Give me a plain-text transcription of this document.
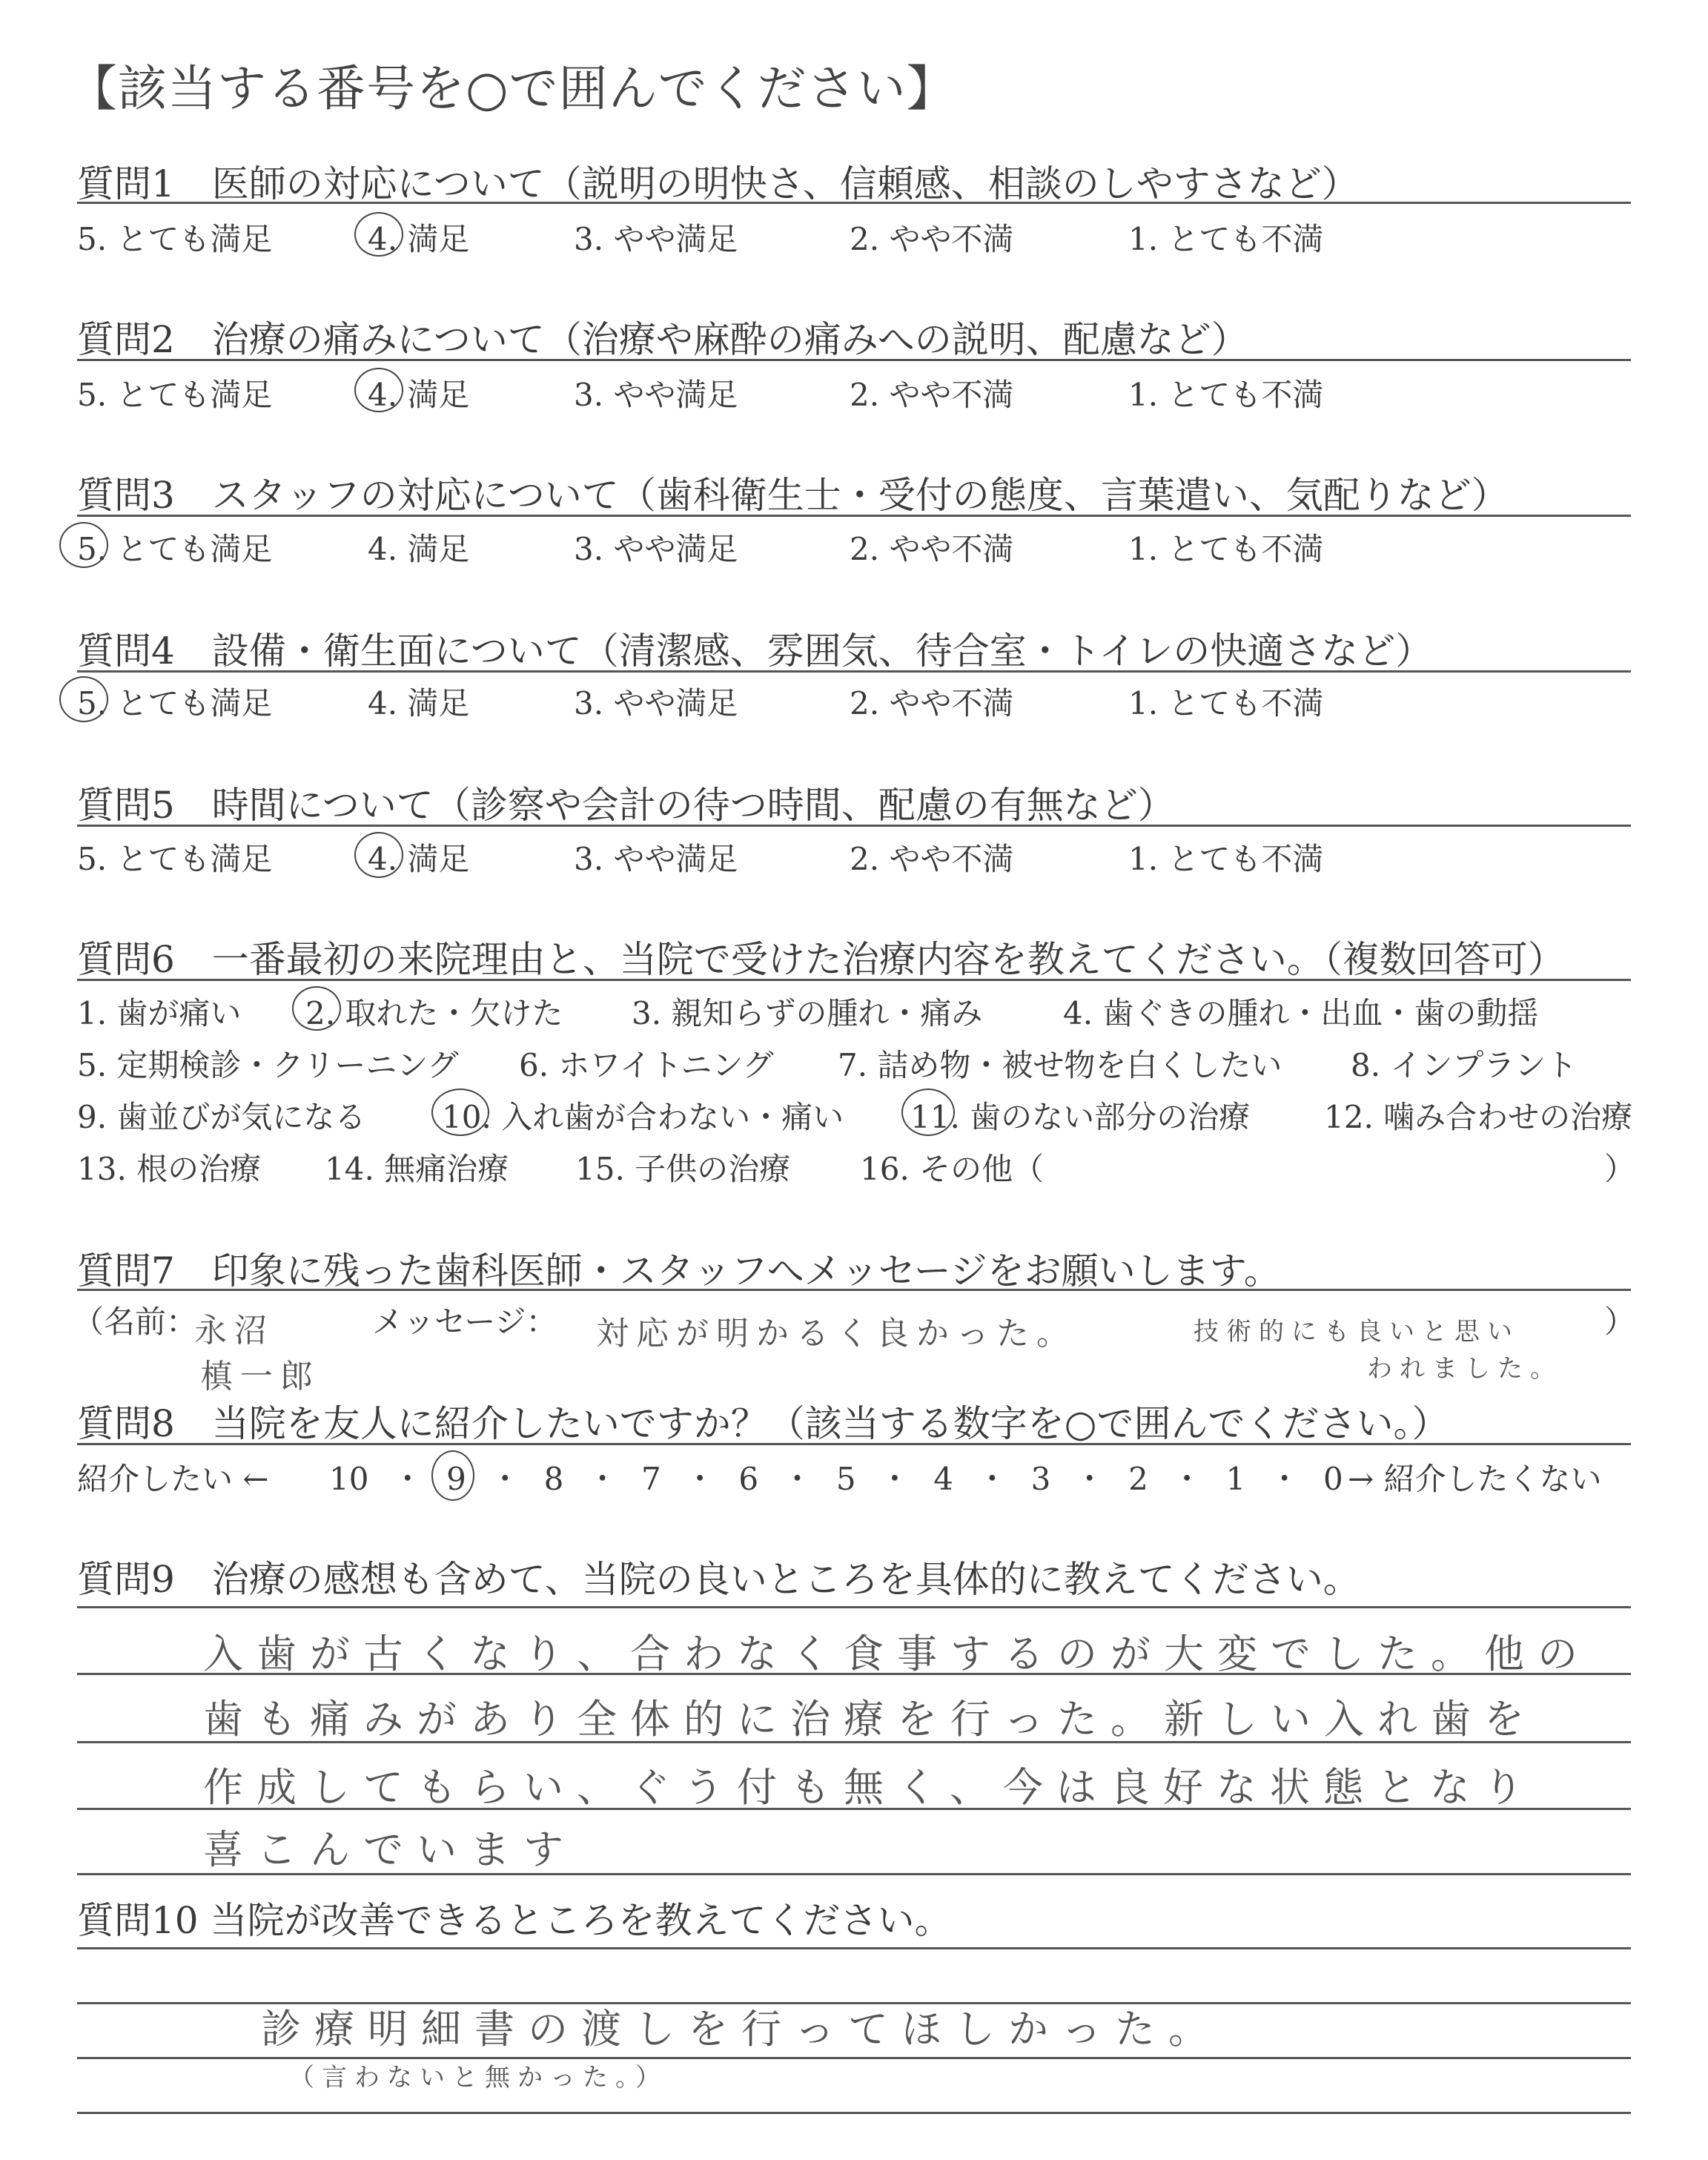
【該当する番号を○で囲んでください】
質問1　医師の対応について（説明の明快さ、信頼感、相談のしやすさなど）
5. とても満足	4. 満足	3. やや満足	2. やや不満	1. とても不満
質問2　治療の痛みについて（治療や麻酔の痛みへの説明、配慮など）
5. とても満足	4. 満足	3. やや満足	2. やや不満	1. とても不満
質問3　スタッフの対応について（歯科衛生士・受付の態度、言葉遣い、気配りなど）
5. とても満足	4. 満足	3. やや満足	2. やや不満	1. とても不満
質問4　設備・衛生面について（清潔感、雰囲気、待合室・トイレの快適さなど）
5. とても満足	4. 満足	3. やや満足	2. やや不満	1. とても不満
質問5　時間について（診察や会計の待つ時間、配慮の有無など）
5. とても満足	4. 満足	3. やや満足	2. やや不満	1. とても不満
質問6　一番最初の来院理由と、当院で受けた治療内容を教えてください。（複数回答可）
1. 歯が痛い 2. 取れた・欠けた 3. 親知らずの腫れ・痛み	4. 歯ぐきの腫れ・出血・歯の動揺
5. 定期検診・クリーニング 6. ホワイトニング 7. 詰め物・被せ物を白くしたい 8. インプラント
9. 歯並びが気になる 10. 入れ歯が合わない・痛い 11. 歯のない部分の治療 12. 噛み合わせの治療
13. 根の治療 14. 無痛治療 15. 子供の治療 16. その他（	）
質問7　印象に残った歯科医師・スタッフへメッセージをお願いします。
（名前：	メッセージ：	）
永沼
槙一郎
対応が明かるく良かった。	技術的にも良いと思い
われました。
質問8　当院を友人に紹介したいですか？（該当する数字を○で囲んでください。）
紹介したい ← 10 ・ 9 ・ 8 ・ 7 ・ 6 ・ 5 ・ 4 ・ 3 ・ 2 ・ 1 ・ 0 → 紹介したくない
質問9　治療の感想も含めて、当院の良いところを具体的に教えてください。
入歯が古くなり、合わなく食事するのが大変でした。他の
歯も痛みがあり全体的に治療を行った。新しい入れ歯を
作成してもらい、ぐう付も無く、今は良好な状態となり
喜こんでいます
質問10 当院が改善できるところを教えてください。
診療明細書の渡しを行ってほしかった。
（言わないと無かった。）
